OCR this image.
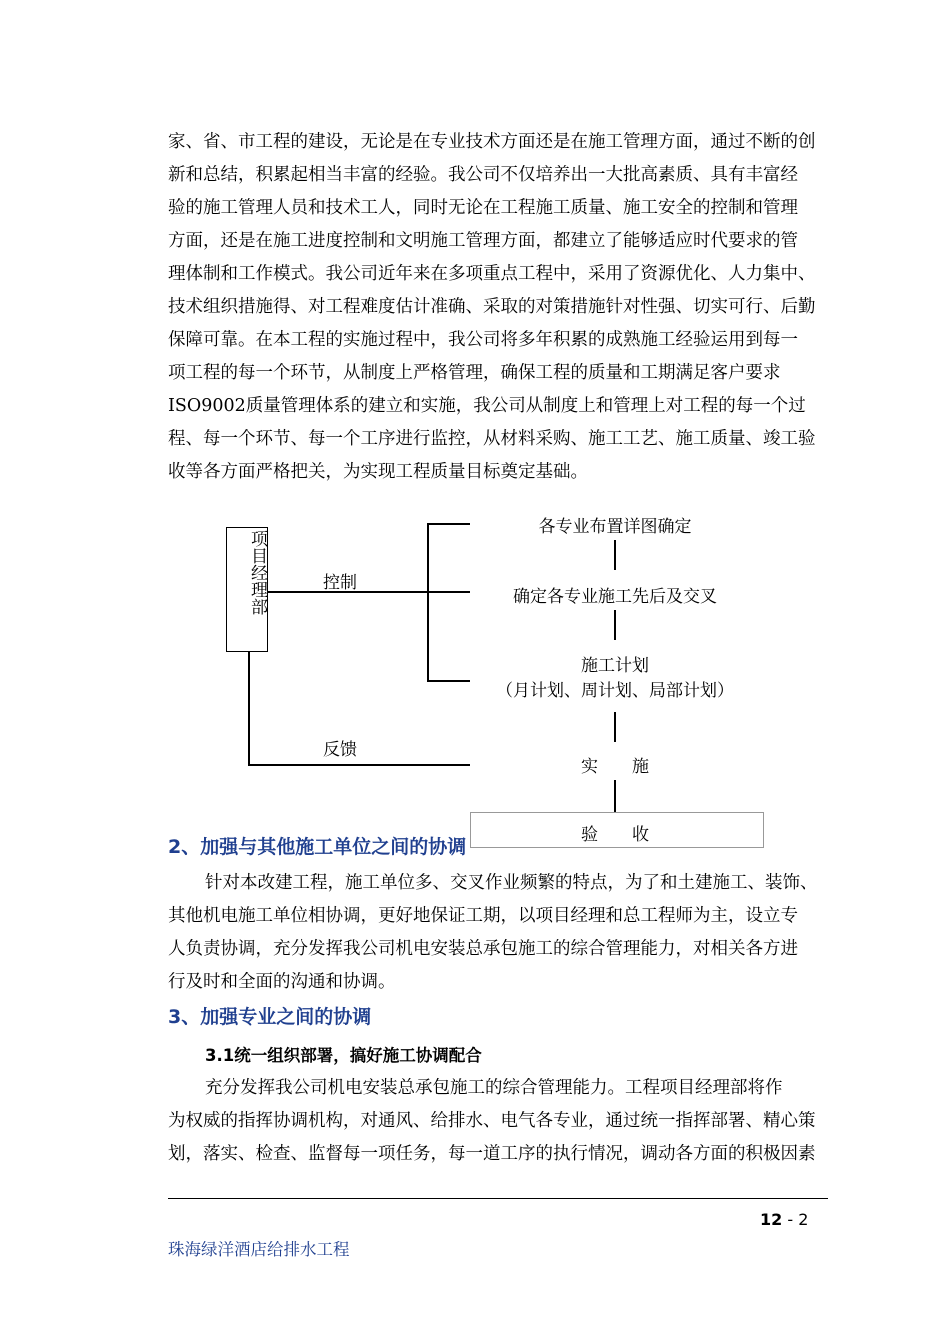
家、省、市工程的建设，无论是在专业技术方面还是在施工管理方面，通过不断的创
新和总结，积累起相当丰富的经验。我公司不仅培养出一大批高素质、具有丰富经
验的施工管理人员和技术工人，同时无论在工程施工质量、施工安全的控制和管理
方面，还是在施工进度控制和文明施工管理方面，都建立了能够适应时代要求的管
理体制和工作模式。我公司近年来在多项重点工程中，采用了资源优化、人力集中、
技术组织措施得、对工程难度估计准确、采取的对策措施针对性强、切实可行、后勤
保障可靠。在本工程的实施过程中，我公司将多年积累的成熟施工经验运用到每一
项工程的每一个环节，从制度上严格管理，确保工程的质量和工期满足客户要求
ISO9002质量管理体系的建立和实施，我公司从制度上和管理上对工程的每一个过
程、每一个环节、每一个工序进行监控，从材料采购、施工工艺、施工质量、竣工验
收等各方面严格把关，为实现工程质量目标奠定基础。
项目经理部	控制
各专业布置详图确定
确定各专业施工先后及交叉
施工计划
（月计划、周计划、局部计划）
实　　施
验　　收
反馈
2、加强与其他施工单位之间的协调
针对本改建工程，施工单位多、交叉作业频繁的特点，为了和土建施工、装饰、
其他机电施工单位相协调，更好地保证工期，以项目经理和总工程师为主，设立专
人负责协调，充分发挥我公司机电安装总承包施工的综合管理能力，对相关各方进
行及时和全面的沟通和协调。
3、加强专业之间的协调
3.1统一组织部署，搞好施工协调配合
充分发挥我公司机电安装总承包施工的综合管理能力。工程项目经理部将作
为权威的指挥协调机构，对通风、给排水、电气各专业，通过统一指挥部署、精心策
划，落实、检查、监督每一项任务，每一道工序的执行情况，调动各方面的积极因素
12 - 2
珠海绿洋酒店给排水工程
